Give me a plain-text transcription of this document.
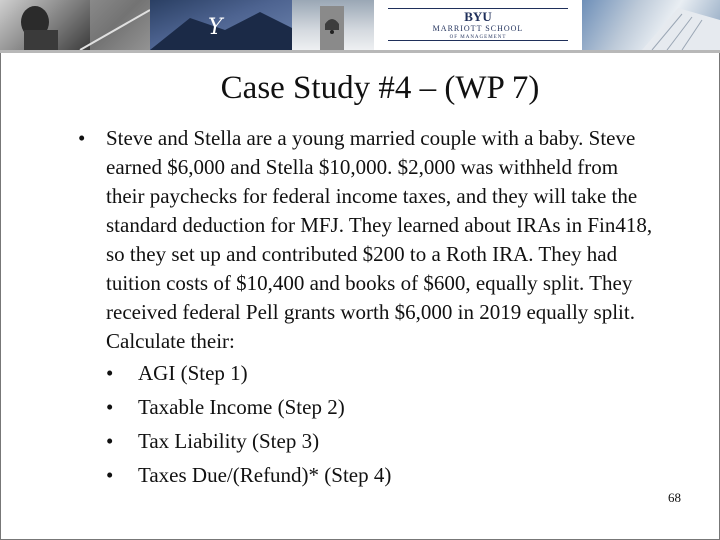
Y	BYU
MARRIOTT SCHOOL
OF MANAGEMENT
Case Study #4 – (WP 7)
• Steve and Stella are a young married couple with a baby. Steve earned $6,000 and Stella $10,000. $2,000 was withheld from their paychecks for federal income taxes, and they will take the standard deduction for MFJ. They learned about IRAs in Fin418, so they set up and contributed $200 to a Roth IRA. They had tuition costs of $10,400 and books of $600, equally split. They received federal Pell grants worth $6,000 in 2019 equally split. Calculate their:
• AGI (Step 1)
• Taxable Income (Step 2)
• Tax Liability (Step 3)
• Taxes Due/(Refund)* (Step 4)
68
